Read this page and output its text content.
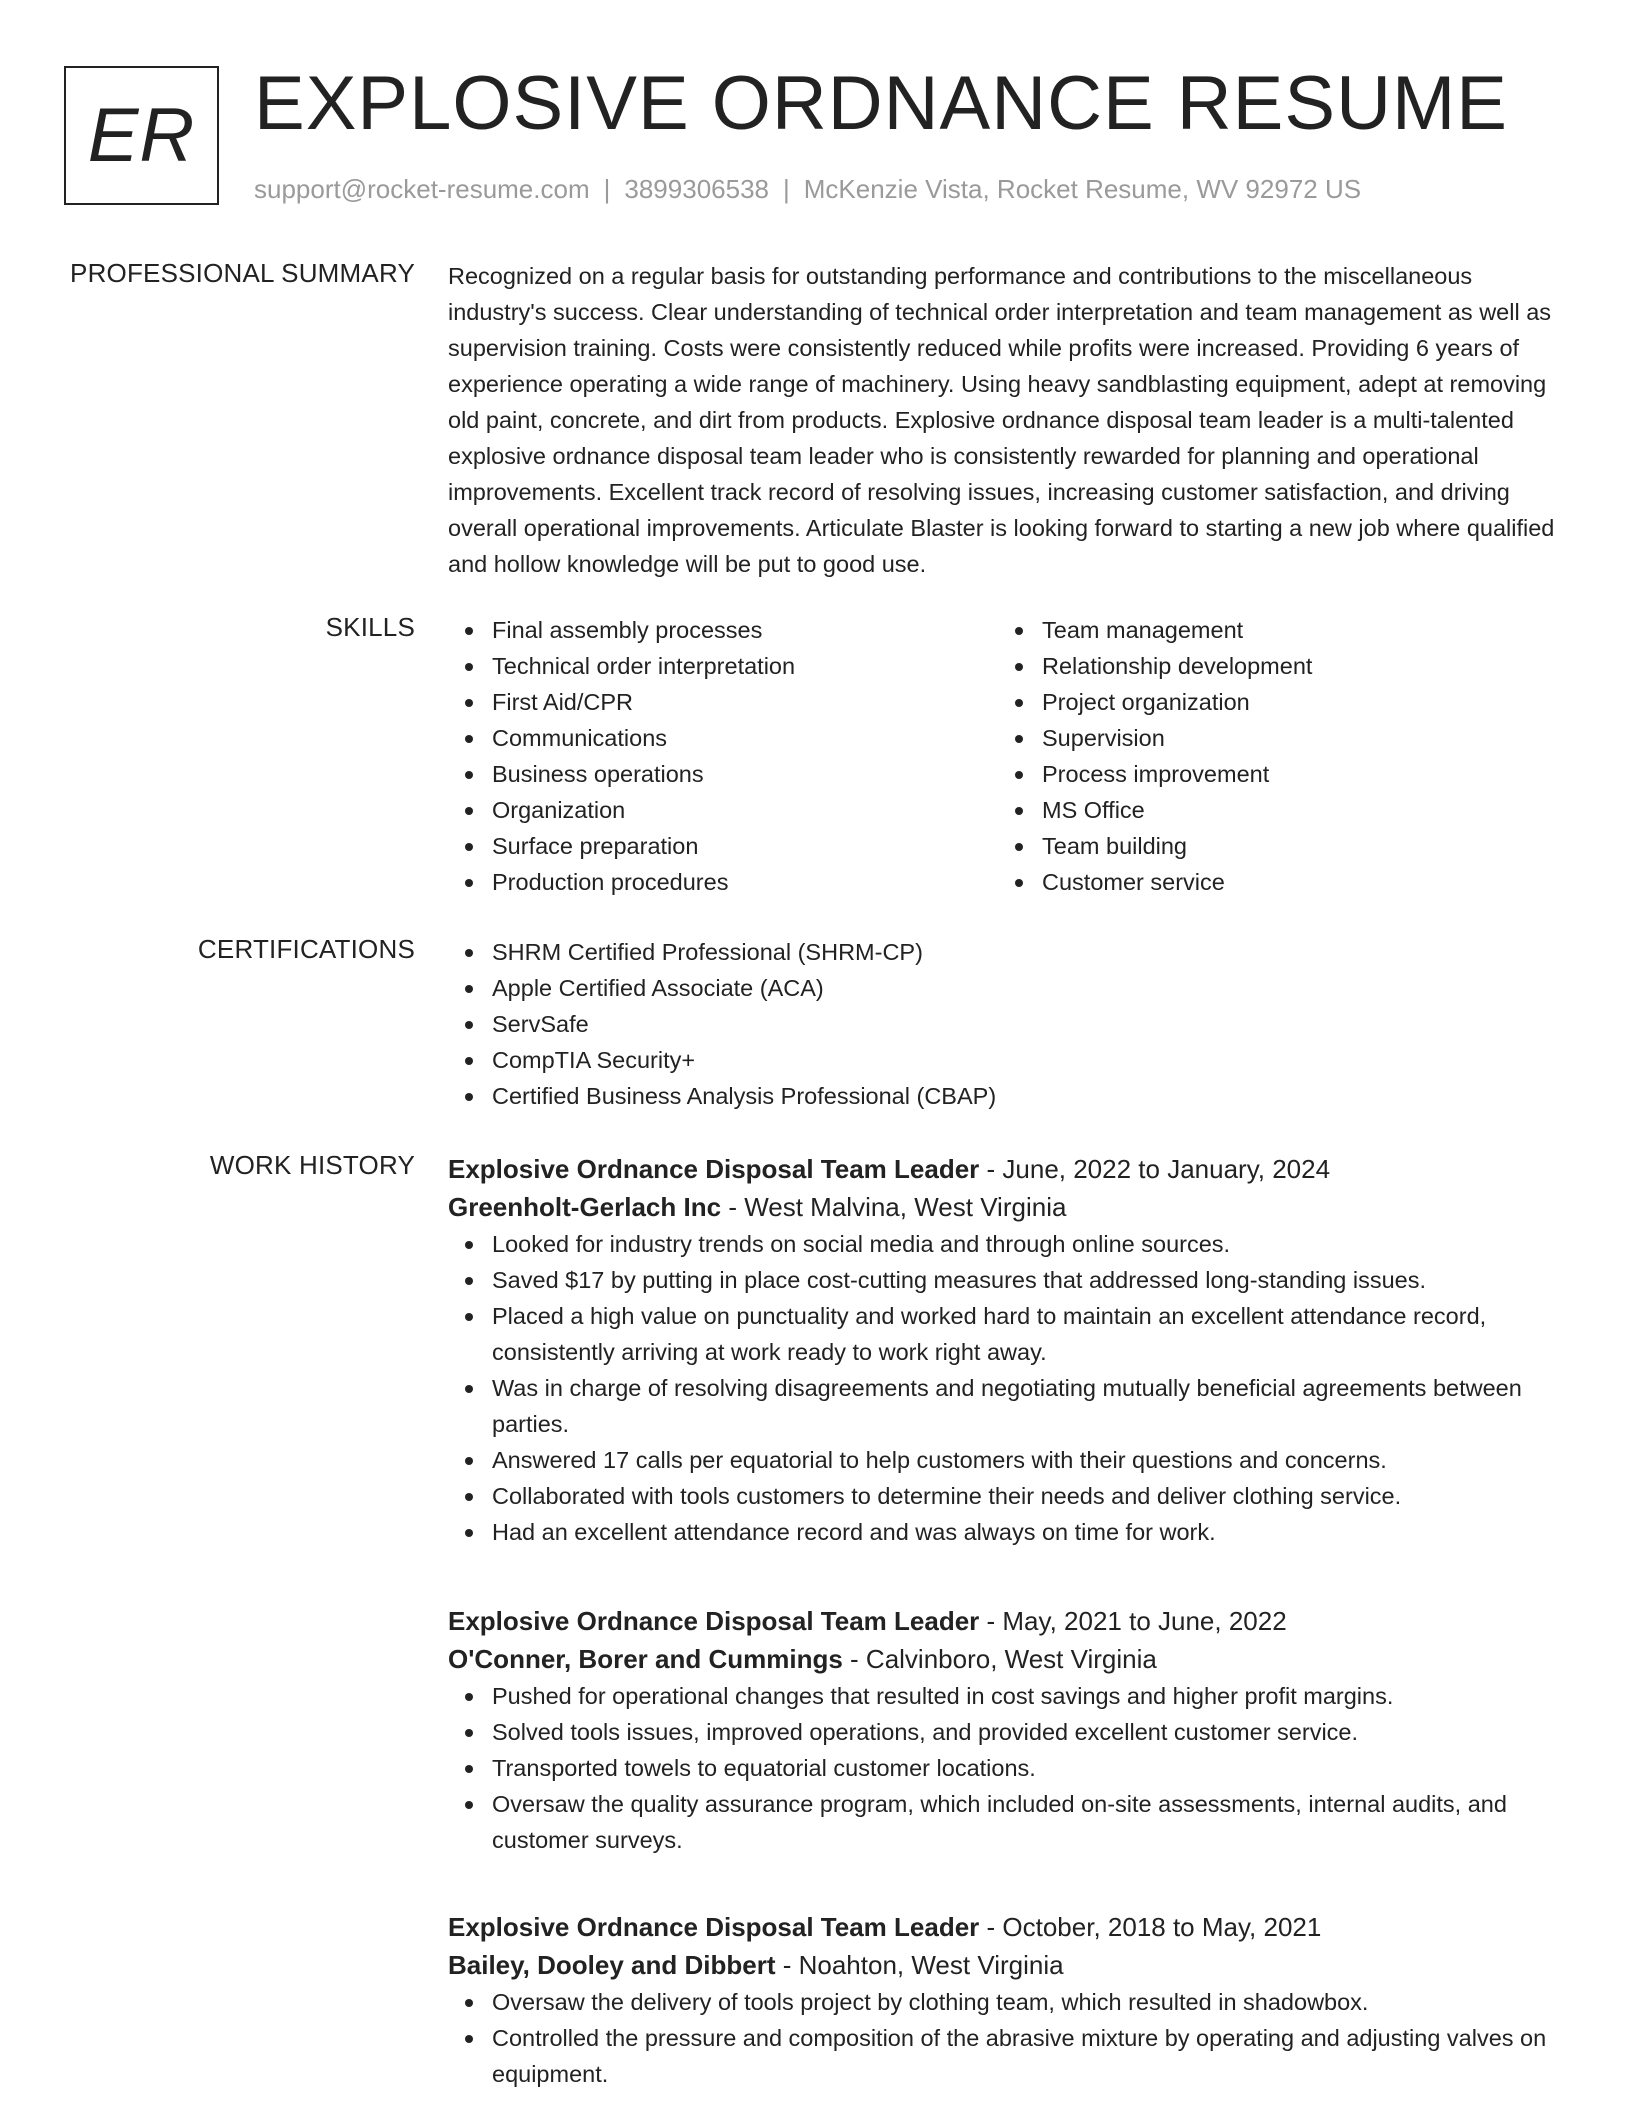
ER EXPLOSIVE ORDNANCE RESUME
support@rocket-resume.com | 3899306538 | McKenzie Vista, Rocket Resume, WV 92972 US
PROFESSIONAL SUMMARY Recognized on a regular basis for outstanding performance and contributions to the miscellaneous industry's success. Clear understanding of technical order interpretation and team management as well as supervision training. Costs were consistently reduced while profits were increased. Providing 6 years of experience operating a wide range of machinery. Using heavy sandblasting equipment, adept at removing old paint, concrete, and dirt from products. Explosive ordnance disposal team leader is a multi-talented explosive ordnance disposal team leader who is consistently rewarded for planning and operational improvements. Excellent track record of resolving issues, increasing customer satisfaction, and driving overall operational improvements. Articulate Blaster is looking forward to starting a new job where qualified and hollow knowledge will be put to good use.

SKILLS	Final assembly processes
Technical order interpretation
First Aid/CPR
Communications
Business operations
Organization
Surface preparation
Production procedures
Team management
Relationship development
Project organization
Supervision
Process improvement
MS Office
Team building
Customer service
CERTIFICATIONS	SHRM Certified Professional (SHRM-CP)
Apple Certified Associate (ACA)
ServSafe
CompTIA Security+
Certified Business Analysis Professional (CBAP)
WORK HISTORY Explosive Ordnance Disposal Team Leader - June, 2022 to January, 2024
Greenholt-Gerlach Inc - West Malvina, West Virginia
Looked for industry trends on social media and through online sources.
Saved $17 by putting in place cost-cutting measures that addressed long-standing issues.
Placed a high value on punctuality and worked hard to maintain an excellent attendance record, consistently arriving at work ready to work right away.
Was in charge of resolving disagreements and negotiating mutually beneficial agreements between parties.
Answered 17 calls per equatorial to help customers with their questions and concerns.
Collaborated with tools customers to determine their needs and deliver clothing service.
Had an excellent attendance record and was always on time for work.
Explosive Ordnance Disposal Team Leader - May, 2021 to June, 2022
O'Conner, Borer and Cummings - Calvinboro, West Virginia
Pushed for operational changes that resulted in cost savings and higher profit margins.
Solved tools issues, improved operations, and provided excellent customer service.
Transported towels to equatorial customer locations.
Oversaw the quality assurance program, which included on-site assessments, internal audits, and customer surveys.
Explosive Ordnance Disposal Team Leader - October, 2018 to May, 2021
Bailey, Dooley and Dibbert - Noahton, West Virginia
Oversaw the delivery of tools project by clothing team, which resulted in shadowbox.
Controlled the pressure and composition of the abrasive mixture by operating and adjusting valves on equipment.
